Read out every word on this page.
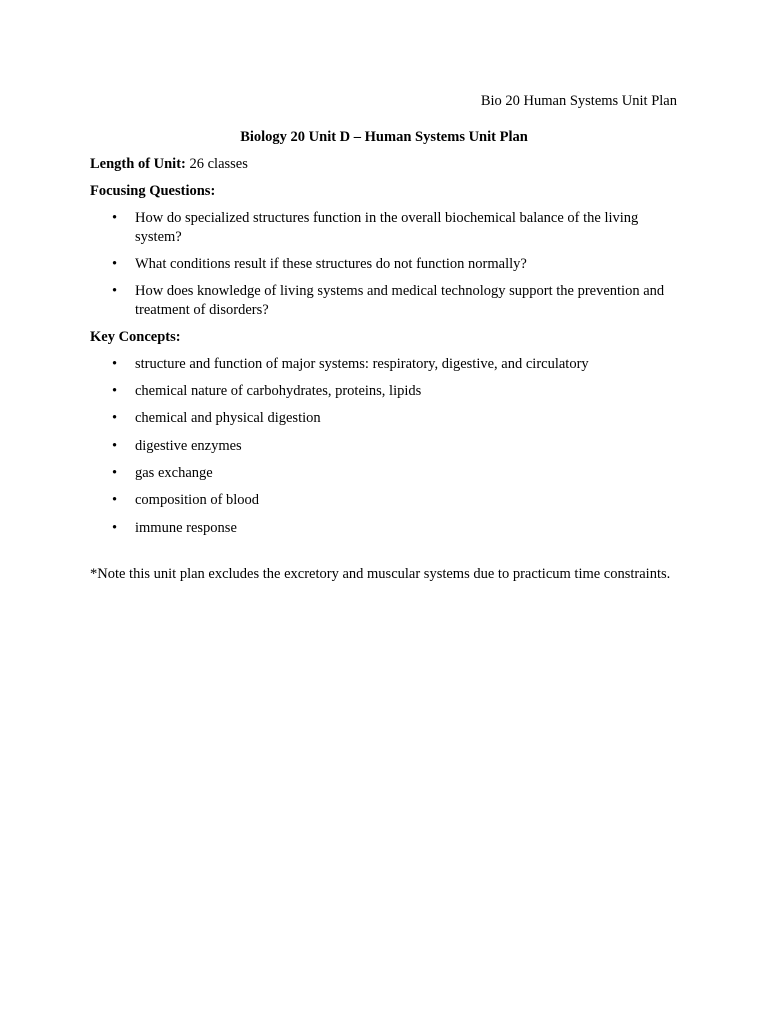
Bio 20 Human Systems Unit Plan
Biology 20 Unit D – Human Systems Unit Plan
Length of Unit: 26 classes
Focusing Questions:
• How do specialized structures function in the overall biochemical balance of the living system?
• What conditions result if these structures do not function normally?
• How does knowledge of living systems and medical technology support the prevention and treatment of disorders?
Key Concepts:
• structure and function of major systems: respiratory, digestive, and circulatory
• chemical nature of carbohydrates, proteins, lipids
• chemical and physical digestion
• digestive enzymes
• gas exchange
• composition of blood
• immune response
*Note this unit plan excludes the excretory and muscular systems due to practicum time constraints.
